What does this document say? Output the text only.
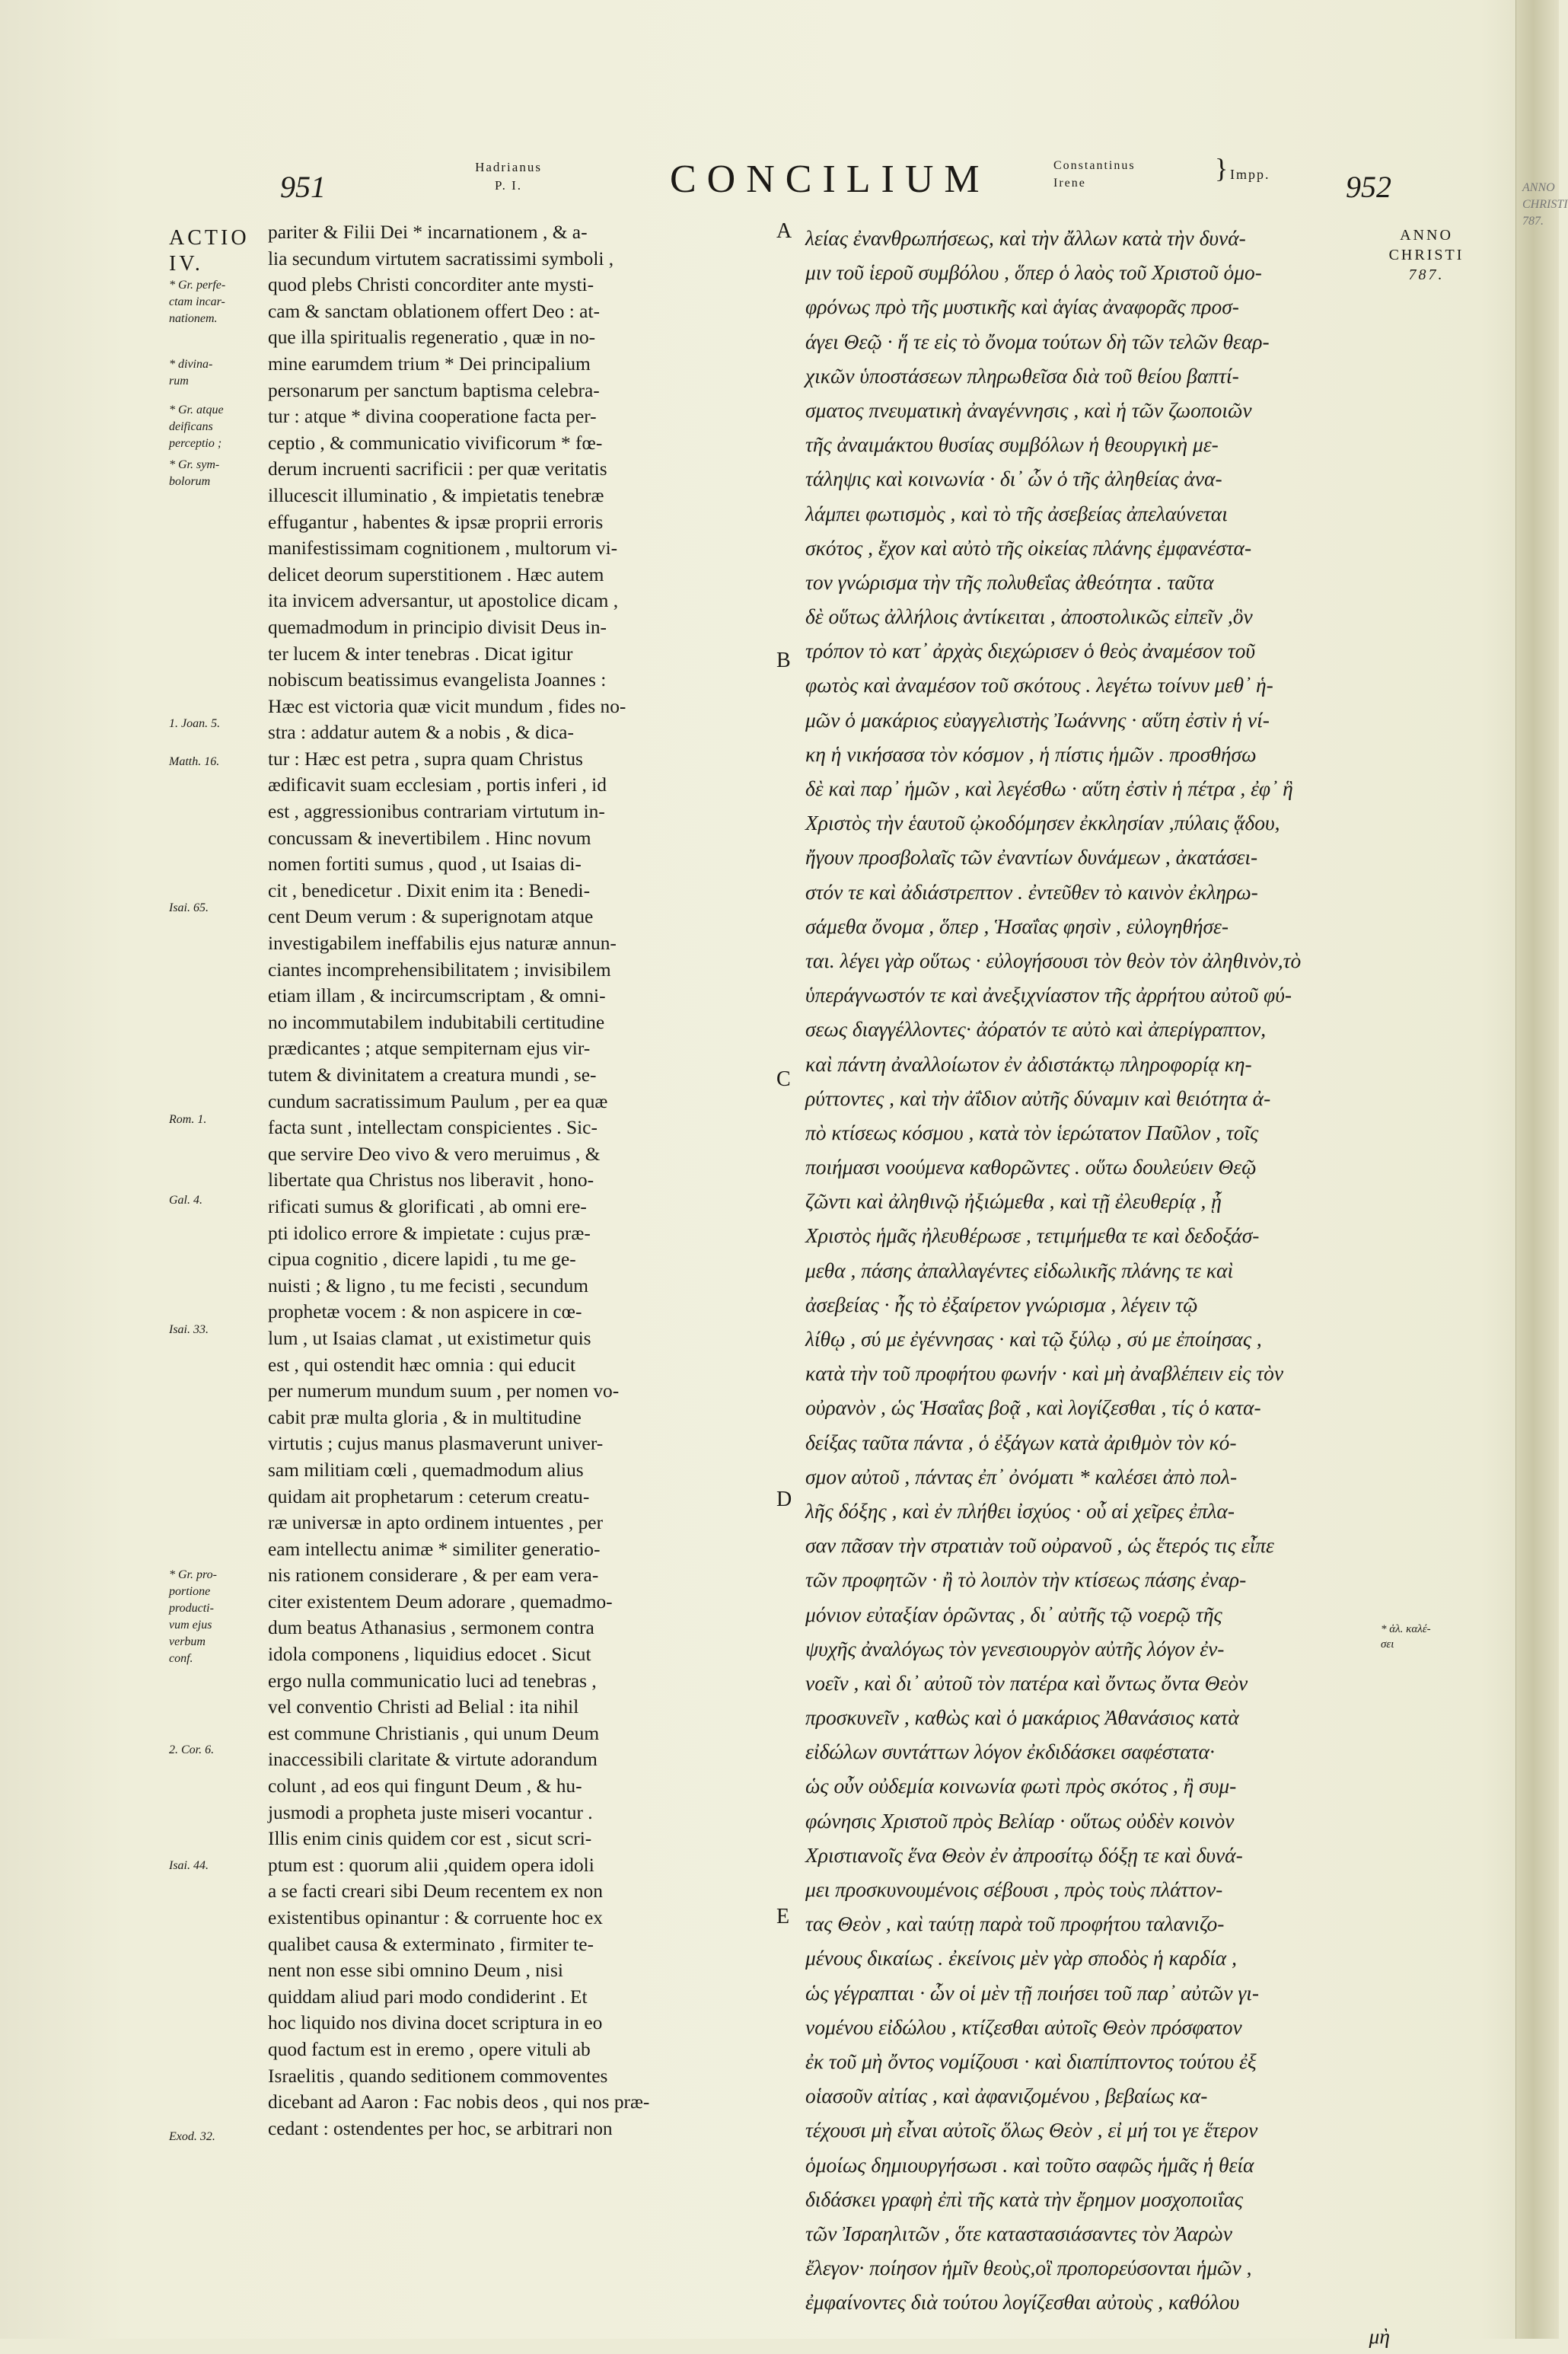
ANNO
CHRISTI
787.
951
Hadrianus
P. I.	CONCILIUM	Constantinus
Irene	} Impp. 952
ACTIO
IV.
* Gr. perfe-
ctam incar-
nationem.
* divina-
rum
* Gr. atque
deificans
perceptio ;
* Gr. sym-
bolorum
1. Joan. 5.
Matth. 16.
Isai. 65.
Rom. 1.
Gal. 4.
Isai. 33.
* Gr. pro-
portione
producti-
vum ejus
verbum
conf.
2. Cor. 6.
Isai. 44.
Exod. 32.
pariter & Filii Dei * incarnationem , & a-
lia secundum virtutem sacratissimi symboli ,
quod plebs Christi concorditer ante mysti-
cam & sanctam oblationem offert Deo : at-
que illa spiritualis regeneratio , quæ in no-
mine earumdem trium * Dei principalium
personarum per sanctum baptisma celebra-
tur : atque * divina cooperatione facta per-
ceptio , & communicatio vivificorum * fœ-
derum incruenti sacrificii : per quæ veritatis
illucescit illuminatio , & impietatis tenebræ
effugantur , habentes & ipsæ proprii erroris
manifestissimam cognitionem , multorum vi-
delicet deorum superstitionem . Hæc autem
ita invicem adversantur, ut apostolice dicam ,
quemadmodum in principio divisit Deus in-
ter lucem & inter tenebras . Dicat igitur
nobiscum beatissimus evangelista Joannes :
Hæc est victoria quæ vicit mundum , fides no-
stra : addatur autem & a nobis , & dica-
tur : Hæc est petra , supra quam Christus
ædificavit suam ecclesiam , portis inferi , id
est , aggressionibus contrariam virtutum in-
concussam & inevertibilem . Hinc novum
nomen fortiti sumus , quod , ut Isaias di-
cit , benedicetur . Dixit enim ita : Benedi-
cent Deum verum : & superignotam atque
investigabilem ineffabilis ejus naturæ annun-
ciantes incomprehensibilitatem ; invisibilem
etiam illam , & incircumscriptam , & omni-
no incommutabilem indubitabili certitudine
prædicantes ; atque sempiternam ejus vir-
tutem & divinitatem a creatura mundi , se-
cundum sacratissimum Paulum , per ea quæ
facta sunt , intellectam conspicientes . Sic-
que servire Deo vivo & vero meruimus , &
libertate qua Christus nos liberavit , hono-
rificati sumus & glorificati , ab omni ere-
pti idolico errore & impietate : cujus præ-
cipua cognitio , dicere lapidi , tu me ge-
nuisti ; & ligno , tu me fecisti , secundum
prophetæ vocem : & non aspicere in cœ-
lum , ut Isaias clamat , ut existimetur quis
est , qui ostendit hæc omnia : qui educit
per numerum mundum suum , per nomen vo-
cabit præ multa gloria , & in multitudine
virtutis ; cujus manus plasmaverunt univer-
sam militiam cœli , quemadmodum alius
quidam ait prophetarum : ceterum creatu-
ræ universæ in apto ordinem intuentes , per
eam intellectu animæ * similiter generatio-
nis rationem considerare , & per eam vera-
citer existentem Deum adorare , quemadmo-
dum beatus Athanasius , sermonem contra
idola componens , liquidius edocet . Sicut
ergo nulla communicatio luci ad tenebras ,
vel conventio Christi ad Belial : ita nihil
est commune Christianis , qui unum Deum
inaccessibili claritate & virtute adorandum
colunt , ad eos qui fingunt Deum , & hu-
jusmodi a propheta juste miseri vocantur .
Illis enim cinis quidem cor est , sicut scri-
ptum est : quorum alii ,quidem opera idoli
a se facti creari sibi Deum recentem ex non
existentibus opinantur : & corruente hoc ex
qualibet causa & exterminato , firmiter te-
nent non esse sibi omnino Deum , nisi
quiddam aliud pari modo condiderint . Et
hoc liquido nos divina docet scriptura in eo
quod factum est in eremo , opere vituli ab
Israelitis , quando seditionem commoventes
dicebant ad Aaron : Fac nobis deos , qui nos præ-
cedant : ostendentes per hoc, se arbitrari non
A
B
C
D
E
λείας ἐνανθρωπήσεως, καὶ τὴν ἄλλων κατὰ τὴν δυνά-
μιν τοῦ ἱεροῦ συμβόλου , ὅπερ ὁ λαὸς τοῦ Χριστοῦ ὁμο-
φρόνως πρὸ τῆς μυστικῆς καὶ ἁγίας ἀναφορᾶς προσ-
άγει Θεῷ · ἥ τε εἰς τὸ ὄνομα τούτων δὴ τῶν τελῶν θεαρ-
χικῶν ὑποστάσεων πληρωθεῖσα διὰ τοῦ θείου βαπτί-
σματος πνευματικὴ ἀναγέννησις , καὶ ἡ τῶν ζωοποιῶν
τῆς ἀναιμάκτου θυσίας συμβόλων ἡ θεουργικὴ με-
τάληψις καὶ κοινωνία · δι᾽ ὧν ὁ τῆς ἀληθείας ἀνα-
λάμπει φωτισμὸς , καὶ τὸ τῆς ἀσεβείας ἀπελαύνεται
σκότος , ἔχον καὶ αὐτὸ τῆς οἰκείας πλάνης ἐμφανέστα-
τον γνώρισμα τὴν τῆς πολυθεΐας ἀθεότητα . ταῦτα
δὲ οὕτως ἀλλήλοις ἀντίκειται , ἀποστολικῶς εἰπεῖν ,ὃν
τρόπον τὸ κατ᾽ ἀρχὰς διεχώρισεν ὁ θεὸς ἀναμέσον τοῦ
φωτὸς καὶ ἀναμέσον τοῦ σκότους . λεγέτω τοίνυν μεθ᾽ ἡ-
μῶν ὁ μακάριος εὐαγγελιστὴς Ἰωάννης · αὕτη ἐστὶν ἡ νί-
κη ἡ νικήσασα τὸν κόσμον , ἡ πίστις ἡμῶν . προσθήσω
δὲ καὶ παρ᾽ ἡμῶν , καὶ λεγέσθω · αὕτη ἐστὶν ἡ πέτρα , ἐφ᾽ ἣ
Χριστὸς τὴν ἑαυτοῦ ᾠκοδόμησεν ἐκκλησίαν ,πύλαις ᾅδου,
ἤγουν προσβολαῖς τῶν ἐναντίων δυνάμεων , ἀκατάσει-
στόν τε καὶ ἀδιάστρεπτον . ἐντεῦθεν τὸ καινὸν ἐκληρω-
σάμεθα ὄνομα , ὅπερ , Ἡσαΐας φησὶν , εὐλογηθήσε-
ται. λέγει γὰρ οὕτως · εὐλογήσουσι τὸν θεὸν τὸν ἀληθινὸν,τὸ
ὑπεράγνωστόν τε καὶ ἀνεξιχνίαστον τῆς ἀρρήτου αὐτοῦ φύ-
σεως διαγγέλλοντες· ἀόρατόν τε αὐτὸ καὶ ἀπερίγραπτον,
καὶ πάντη ἀναλλοίωτον ἐν ἀδιστάκτῳ πληροφορίᾳ κη-
ρύττοντες , καὶ τὴν ἀΐδιον αὐτῆς δύναμιν καὶ θειότητα ἀ-
πὸ κτίσεως κόσμου , κατὰ τὸν ἱερώτατον Παῦλον , τοῖς
ποιήμασι νοούμενα καθορῶντες . οὕτω δουλεύειν Θεῷ
ζῶντι καὶ ἀληθινῷ ἠξιώμεθα , καὶ τῇ ἐλευθερίᾳ , ᾗ
Χριστὸς ἡμᾶς ἠλευθέρωσε , τετιμήμεθα τε καὶ δεδοξάσ-
μεθα , πάσης ἀπαλλαγέντες εἰδωλικῆς πλάνης τε καὶ
ἀσεβείας · ἧς τὸ ἐξαίρετον γνώρισμα , λέγειν τῷ
λίθῳ , σύ με ἐγέννησας · καὶ τῷ ξύλῳ , σύ με ἐποίησας ,
κατὰ τὴν τοῦ προφήτου φωνήν · καὶ μὴ ἀναβλέπειν εἰς τὸν
οὐρανὸν , ὡς Ἡσαΐας βοᾷ , καὶ λογίζεσθαι , τίς ὁ κατα-
δείξας ταῦτα πάντα , ὁ ἐξάγων κατὰ ἀριθμὸν τὸν κό-
σμον αὐτοῦ , πάντας ἐπ᾽ ὀνόματι * καλέσει ἀπὸ πολ-
λῆς δόξης , καὶ ἐν πλήθει ἰσχύος · οὗ αἱ χεῖρες ἐπλα-
σαν πᾶσαν τὴν στρατιὰν τοῦ οὐρανοῦ , ὡς ἕτερός τις εἶπε
τῶν προφητῶν · ἢ τὸ λοιπὸν τὴν κτίσεως πάσης ἐναρ-
μόνιον εὐταξίαν ὁρῶντας , δι᾽ αὐτῆς τῷ νοερῷ τῆς
ψυχῆς ἀναλόγως τὸν γενεσιουργὸν αὐτῆς λόγον ἐν-
νοεῖν , καὶ δι᾽ αὐτοῦ τὸν πατέρα καὶ ὄντως ὄντα Θεὸν
προσκυνεῖν , καθὼς καὶ ὁ μακάριος Ἀθανάσιος κατὰ
εἰδώλων συντάττων λόγον ἐκδιδάσκει σαφέστατα·
ὡς οὖν οὐδεμία κοινωνία φωτὶ πρὸς σκότος , ἢ συμ-
φώνησις Χριστοῦ πρὸς Βελίαρ · οὕτως οὐδὲν κοινὸν
Χριστιανοῖς ἕνα Θεὸν ἐν ἀπροσίτῳ δόξῃ τε καὶ δυνά-
μει προσκυνουμένοις σέβουσι , πρὸς τοὺς πλάττον-
τας Θεὸν , καὶ ταύτῃ παρὰ τοῦ προφήτου ταλανιζο-
μένους δικαίως . ἐκείνοις μὲν γὰρ σποδὸς ἡ καρδία ,
ὡς γέγραπται · ὧν οἱ μὲν τῇ ποιήσει τοῦ παρ᾽ αὐτῶν γι-
νομένου εἰδώλου , κτίζεσθαι αὐτοῖς Θεὸν πρόσφατον
ἐκ τοῦ μὴ ὄντος νομίζουσι · καὶ διαπίπτοντος τούτου ἐξ
οἱασοῦν αἰτίας , καὶ ἀφανιζομένου , βεβαίως κα-
τέχουσι μὴ εἶναι αὐτοῖς ὅλως Θεὸν , εἰ μή τοι γε ἕτερον
ὁμοίως δημιουργήσωσι . καὶ τοῦτο σαφῶς ἡμᾶς ἡ θεία
διδάσκει γραφὴ ἐπὶ τῆς κατὰ τὴν ἔρημον μοσχοποιΐας
τῶν Ἰσραηλιτῶν , ὅτε καταστασιάσαντες τὸν Ἀαρὼν
ἔλεγον· ποίησον ἡμῖν θεοὺς,οἳ προπορεύσονται ἡμῶν ,
ἐμφαίνοντες διὰ τούτου λογίζεσθαι αὐτοὺς , καθόλου
μὴ
ANNO
CHRISTI
787.
* ἀλ. καλέ-
σει
